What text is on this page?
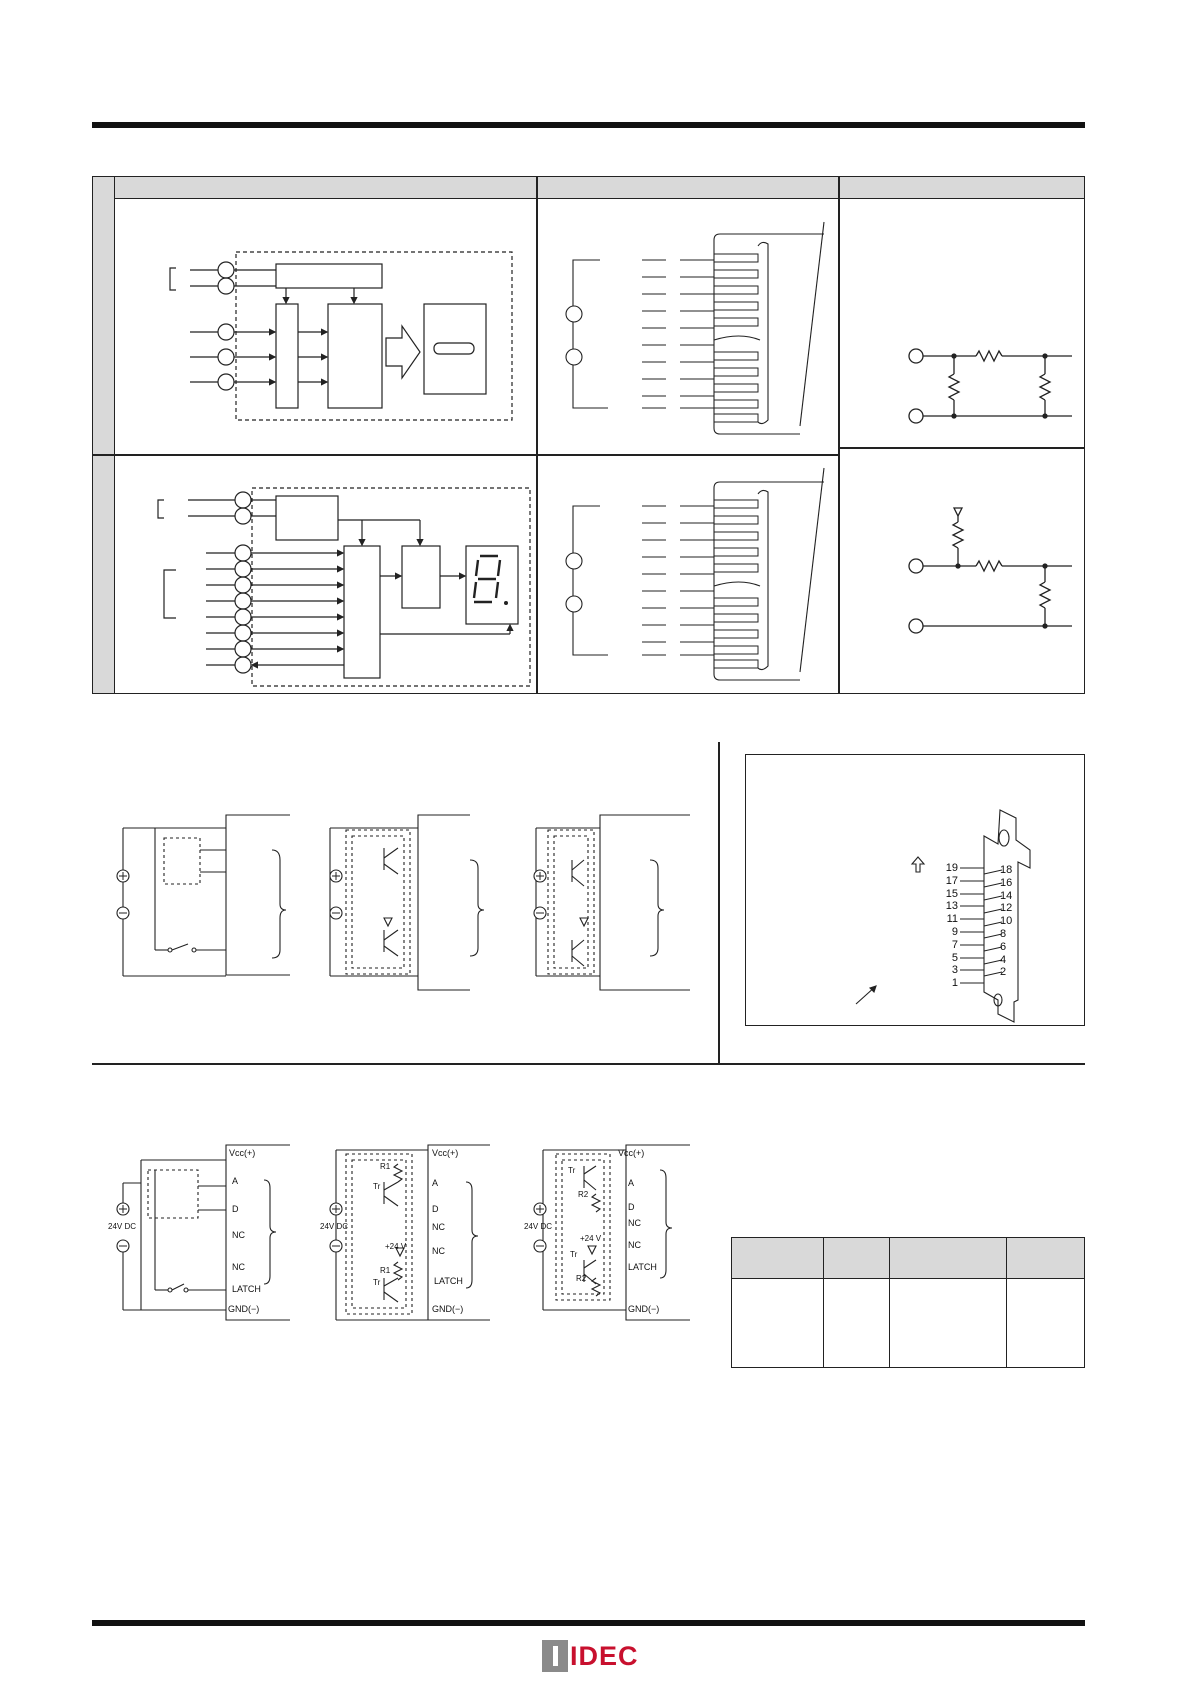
19
17
15
13
11
9
7
5
3
1
18
16
14
12
10
8
6
4
2
Vcc(+)
A
D
NC
NC
LATCH
GND(−)
24V DC
Vcc(+)
A
D
NC
NC
LATCH
GND(−)
R1
Tr
R1
Tr
+24 V
24V DC
Vcc(+)
A
D
NC
NC
LATCH
GND(−)
Tr
R2
Tr
R2
+24 V
24V DC

IDEC
